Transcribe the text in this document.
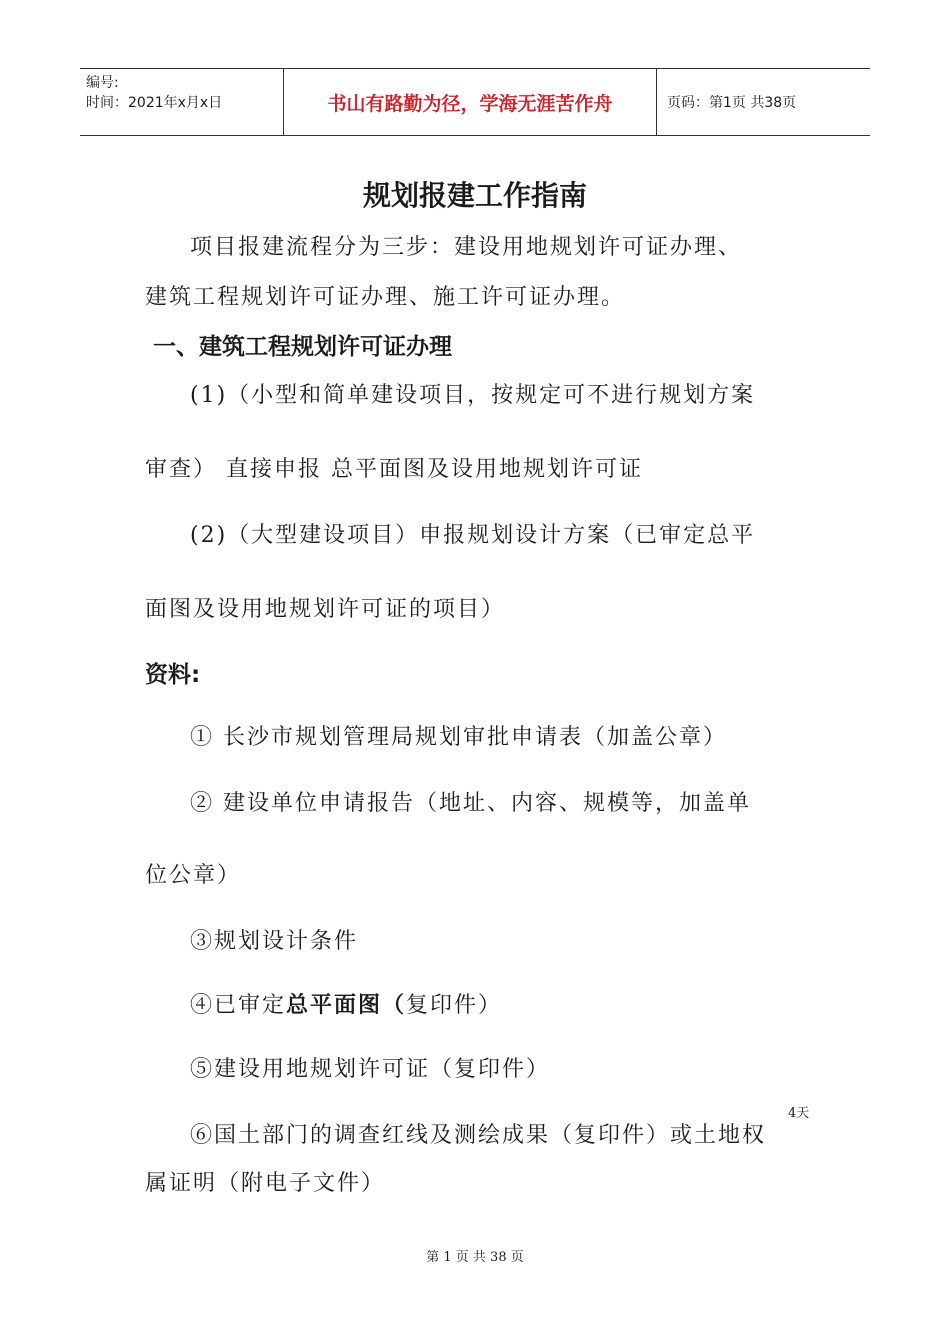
编号:
时间：2021年x月x日	书山有路勤为径，学海无涯苦作舟	页码：第1页 共38页
规划报建工作指南
项目报建流程分为三步：建设用地规划许可证办理、
建筑工程规划许可证办理、施工许可证办理。
一、建筑工程规划许可证办理
(1)（小型和简单建设项目，按规定可不进行规划方案
审查） 直接申报 总平面图及设用地规划许可证
(2)（大型建设项目）申报规划设计方案（已审定总平
面图及设用地规划许可证的项目）
资料:
① 长沙市规划管理局规划审批申请表（加盖公章）
② 建设单位申请报告（地址、内容、规模等，加盖单
位公章）
③规划设计条件
④已审定总平面图（复印件）
⑤建设用地规划许可证（复印件）
4天
⑥国土部门的调查红线及测绘成果（复印件）或土地权
属证明（附电子文件）
第 1 页 共 38 页
